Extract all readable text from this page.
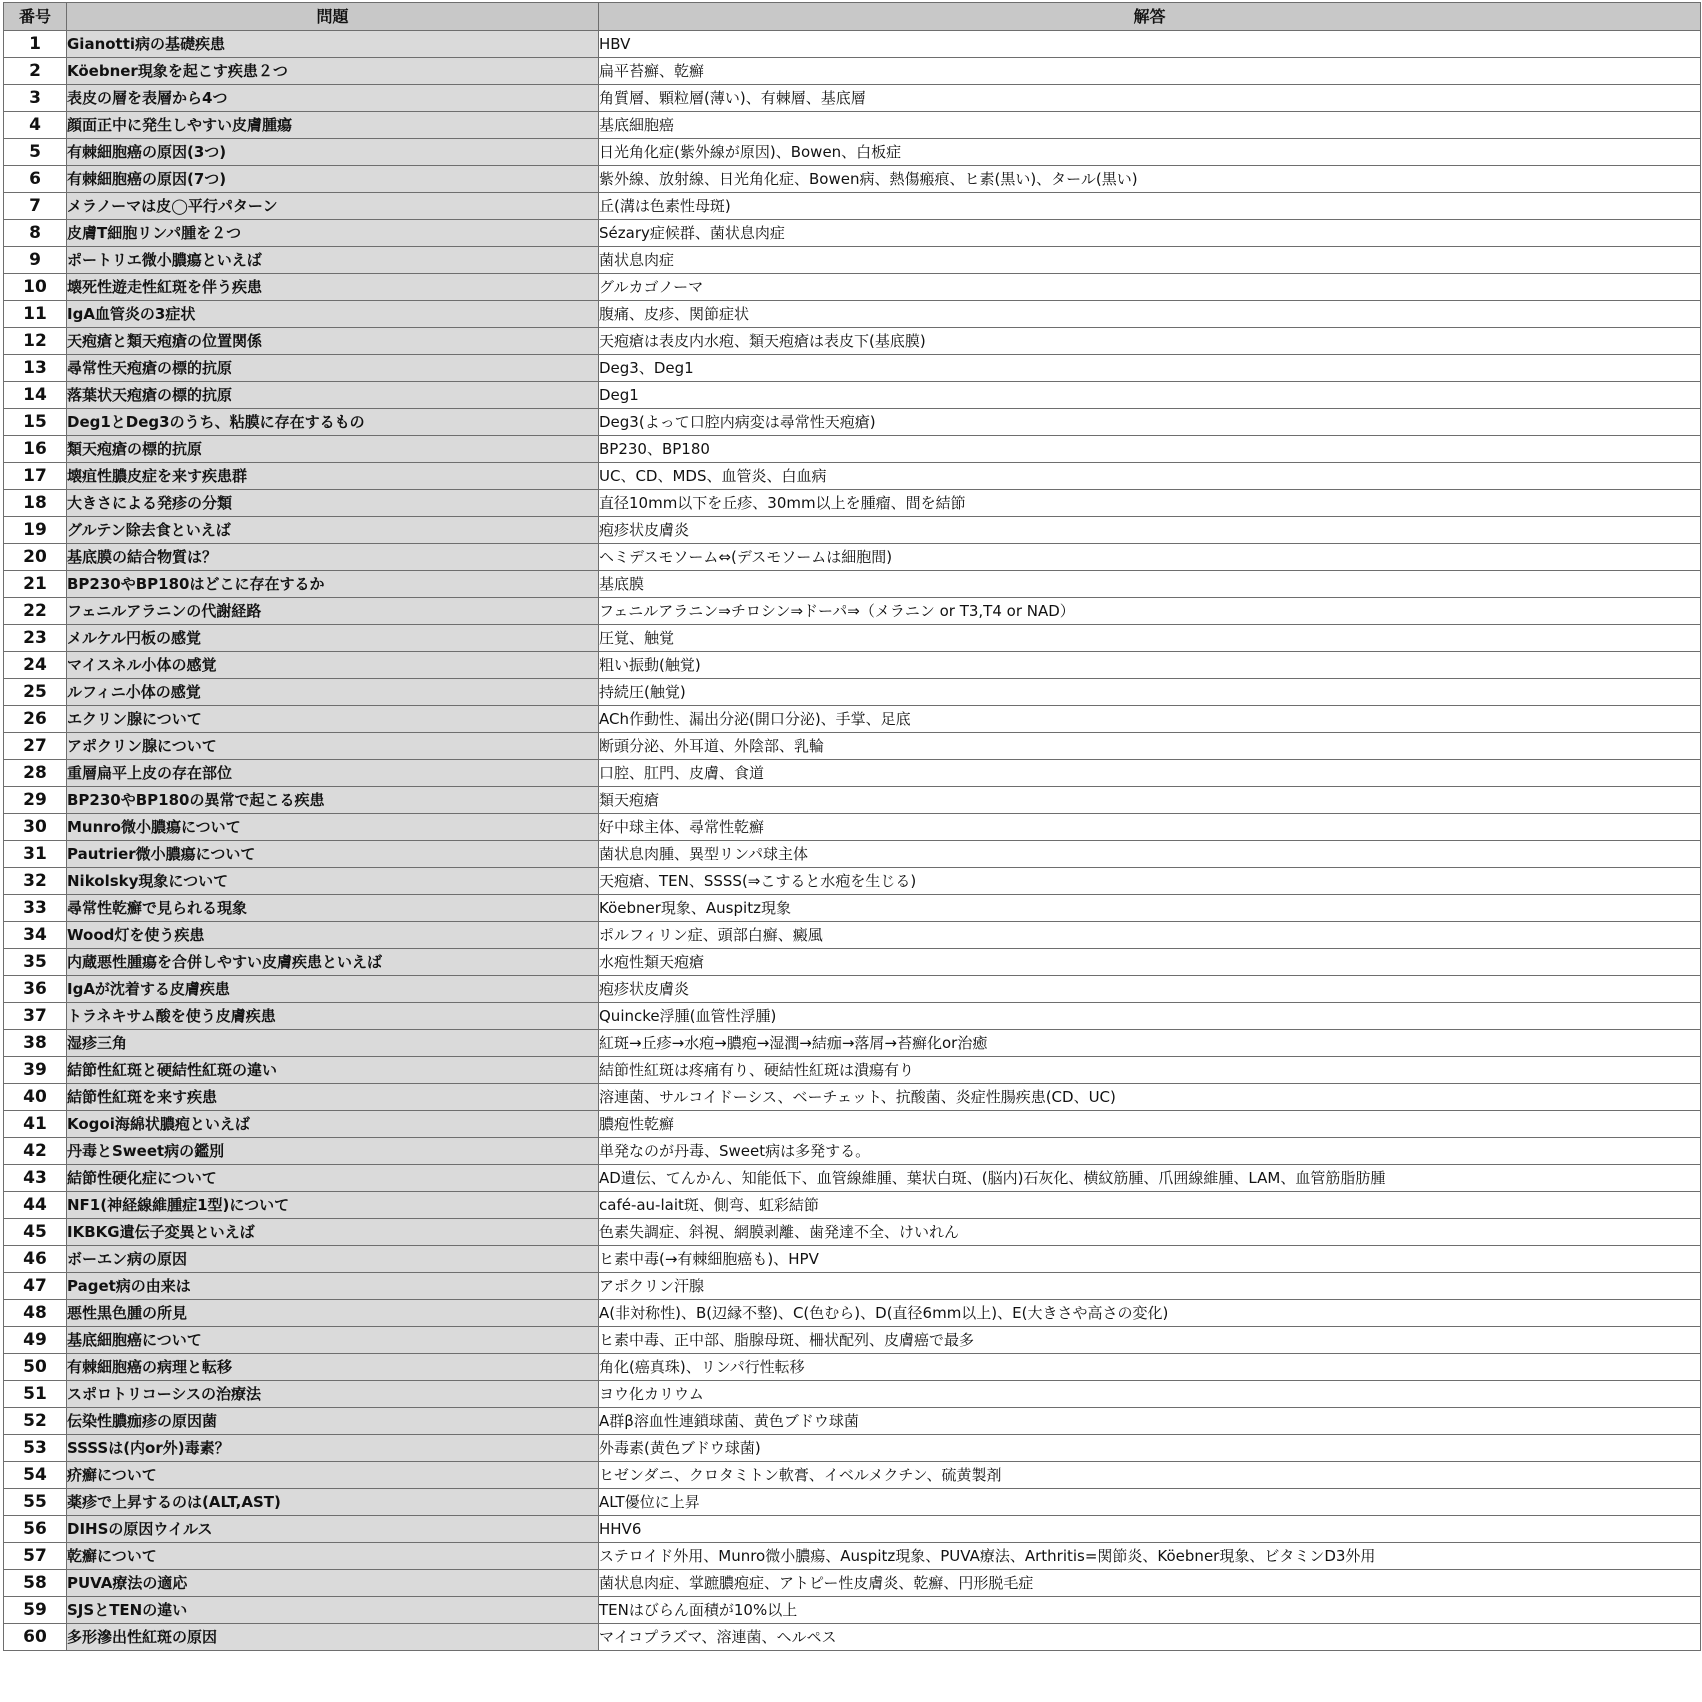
番号	問題	解答
1	Gianotti病の基礎疾患	HBV
2	Köebner現象を起こす疾患２つ	扁平苔癬、乾癬
3	表皮の層を表層から4つ	角質層、顆粒層(薄い)、有棘層、基底層
4	顔面正中に発生しやすい皮膚腫瘍	基底細胞癌
5	有棘細胞癌の原因(3つ)	日光角化症(紫外線が原因)、Bowen、白板症
6	有棘細胞癌の原因(7つ)	紫外線、放射線、日光角化症、Bowen病、熱傷瘢痕、ヒ素(黒い)、タール(黒い)
7	メラノーマは皮◯平行パターン	丘(溝は色素性母斑)
8	皮膚T細胞リンパ腫を２つ	Sézary症候群、菌状息肉症
9	ポートリエ微小膿瘍といえば	菌状息肉症
10	壊死性遊走性紅斑を伴う疾患	グルカゴノーマ
11	IgA血管炎の3症状	腹痛、皮疹、関節症状
12	天疱瘡と類天疱瘡の位置関係	天疱瘡は表皮内水疱、類天疱瘡は表皮下(基底膜)
13	尋常性天疱瘡の標的抗原	Deg3、Deg1
14	落葉状天疱瘡の標的抗原	Deg1
15	Deg1とDeg3のうち、粘膜に存在するもの	Deg3(よって口腔内病変は尋常性天疱瘡)
16	類天疱瘡の標的抗原	BP230、BP180
17	壊疽性膿皮症を来す疾患群	UC、CD、MDS、血管炎、白血病
18	大きさによる発疹の分類	直径10mm以下を丘疹、30mm以上を腫瘤、間を結節
19	グルテン除去食といえば	疱疹状皮膚炎
20	基底膜の結合物質は？	ヘミデスモソーム⇔(デスモソームは細胞間)
21	BP230やBP180はどこに存在するか	基底膜
22	フェニルアラニンの代謝経路	フェニルアラニン⇒チロシン⇒ドーパ⇒（メラニン or T3,T4 or NAD）
23	メルケル円板の感覚	圧覚、触覚
24	マイスネル小体の感覚	粗い振動(触覚)
25	ルフィニ小体の感覚	持続圧(触覚)
26	エクリン腺について	ACh作動性、漏出分泌(開口分泌)、手掌、足底
27	アポクリン腺について	断頭分泌、外耳道、外陰部、乳輪
28	重層扁平上皮の存在部位	口腔、肛門、皮膚、食道
29	BP230やBP180の異常で起こる疾患	類天疱瘡
30	Munro微小膿瘍について	好中球主体、尋常性乾癬
31	Pautrier微小膿瘍について	菌状息肉腫、異型リンパ球主体
32	Nikolsky現象について	天疱瘡、TEN、SSSS(⇒こすると水疱を生じる)
33	尋常性乾癬で見られる現象	Köebner現象、Auspitz現象
34	Wood灯を使う疾患	ポルフィリン症、頭部白癬、癜風
35	内蔵悪性腫瘍を合併しやすい皮膚疾患といえば	水疱性類天疱瘡
36	IgAが沈着する皮膚疾患	疱疹状皮膚炎
37	トラネキサム酸を使う皮膚疾患	Quincke浮腫(血管性浮腫)
38	湿疹三角	紅斑→丘疹→水疱→膿疱→湿潤→結痂→落屑→苔癬化or治癒
39	結節性紅斑と硬結性紅斑の違い	結節性紅斑は疼痛有り、硬結性紅斑は潰瘍有り
40	結節性紅斑を来す疾患	溶連菌、サルコイドーシス、ベーチェット、抗酸菌、炎症性腸疾患(CD、UC)
41	Kogoi海綿状膿疱といえば	膿疱性乾癬
42	丹毒とSweet病の鑑別	単発なのが丹毒、Sweet病は多発する。
43	結節性硬化症について	AD遺伝、てんかん、知能低下、血管線維腫、葉状白斑、(脳内)石灰化、横紋筋腫、爪囲線維腫、LAM、血管筋脂肪腫
44	NF1(神経線維腫症1型)について	café-au-lait斑、側弯、虹彩結節
45	IKBKG遺伝子変異といえば	色素失調症、斜視、網膜剥離、歯発達不全、けいれん
46	ボーエン病の原因	ヒ素中毒(→有棘細胞癌も)、HPV
47	Paget病の由来は	アポクリン汗腺
48	悪性黒色腫の所見	A(非対称性)、B(辺縁不整)、C(色むら)、D(直径6mm以上)、E(大きさや高さの変化)
49	基底細胞癌について	ヒ素中毒、正中部、脂腺母斑、柵状配列、皮膚癌で最多
50	有棘細胞癌の病理と転移	角化(癌真珠)、リンパ行性転移
51	スポロトリコーシスの治療法	ヨウ化カリウム
52	伝染性膿痂疹の原因菌	A群β溶血性連鎖球菌、黄色ブドウ球菌
53	SSSSは(内or外)毒素？	外毒素(黄色ブドウ球菌)
54	疥癬について	ヒゼンダニ、クロタミトン軟膏、イベルメクチン、硫黄製剤
55	薬疹で上昇するのは(ALT,AST)	ALT優位に上昇
56	DIHSの原因ウイルス	HHV6
57	乾癬について	ステロイド外用、Munro微小膿瘍、Auspitz現象、PUVA療法、Arthritis=関節炎、Köebner現象、ビタミンD3外用
58	PUVA療法の適応	菌状息肉症、掌蹠膿疱症、アトピー性皮膚炎、乾癬、円形脱毛症
59	SJSとTENの違い	TENはびらん面積が10%以上
60	多形滲出性紅斑の原因	マイコプラズマ、溶連菌、ヘルペス
